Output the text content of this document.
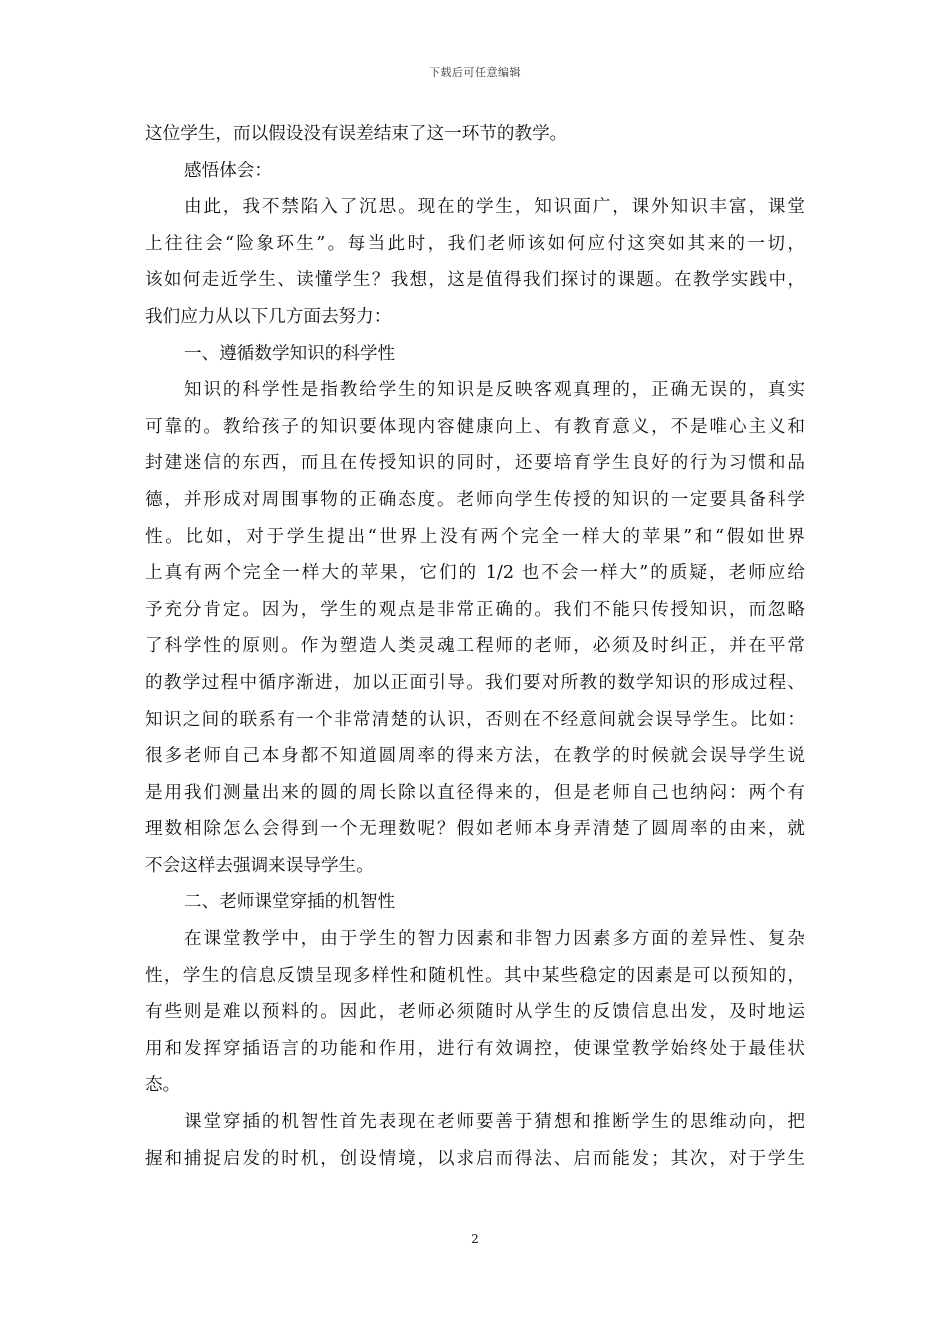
下载后可任意编辑
这位学生，而以假设没有误差结束了这一环节的教学。
感悟体会：
由此，我不禁陷入了沉思。现在的学生，知识面广，课外知识丰富，课堂
上往往会“险象环生”。每当此时，我们老师该如何应付这突如其来的一切，
该如何走近学生、读懂学生？我想，这是值得我们探讨的课题。在教学实践中，
我们应力从以下几方面去努力：
一、遵循数学知识的科学性
知识的科学性是指教给学生的知识是反映客观真理的，正确无误的，真实
可靠的。教给孩子的知识要体现内容健康向上、有教育意义，不是唯心主义和
封建迷信的东西，而且在传授知识的同时，还要培育学生良好的行为习惯和品
德，并形成对周围事物的正确态度。老师向学生传授的知识的一定要具备科学
性。比如，对于学生提出“世界上没有两个完全一样大的苹果”和“假如世界
上真有两个完全一样大的苹果，它们的 1/2 也不会一样大”的质疑，老师应给
予充分肯定。因为，学生的观点是非常正确的。我们不能只传授知识，而忽略
了科学性的原则。作为塑造人类灵魂工程师的老师，必须及时纠正，并在平常
的教学过程中循序渐进，加以正面引导。我们要对所教的数学知识的形成过程、
知识之间的联系有一个非常清楚的认识，否则在不经意间就会误导学生。比如：
很多老师自己本身都不知道圆周率的得来方法，在教学的时候就会误导学生说
是用我们测量出来的圆的周长除以直径得来的，但是老师自己也纳闷：两个有
理数相除怎么会得到一个无理数呢？假如老师本身弄清楚了圆周率的由来，就
不会这样去强调来误导学生。
二、老师课堂穿插的机智性
在课堂教学中，由于学生的智力因素和非智力因素多方面的差异性、复杂
性，学生的信息反馈呈现多样性和随机性。其中某些稳定的因素是可以预知的，
有些则是难以预料的。因此，老师必须随时从学生的反馈信息出发，及时地运
用和发挥穿插语言的功能和作用，进行有效调控，使课堂教学始终处于最佳状
态。
课堂穿插的机智性首先表现在老师要善于猜想和推断学生的思维动向，把
握和捕捉启发的时机，创设情境，以求启而得法、启而能发；其次，对于学生
2
